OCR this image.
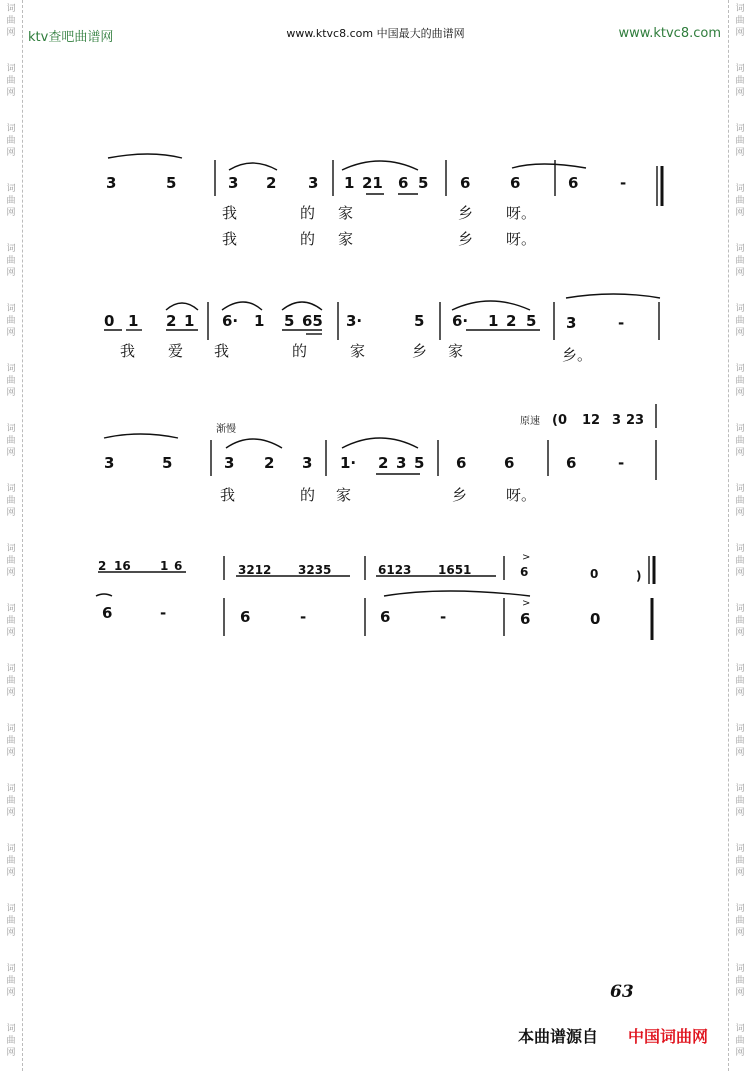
词
曲
网
词
曲
网
词
曲
网
词
曲
网
词
曲
网
词
曲
网
词
曲
网
词
曲
网
词
曲
网
词
曲
网
词
曲
网
词
曲
网
词
曲
网
词
曲
网
词
曲
网
词
曲
网
词
曲
网
词
曲
网
词
曲
网
词
曲
网
词
曲
网
词
曲
网
词
曲
网
词
曲
网
词
曲
网
词
曲
网
词
曲
网
词
曲
网
词
曲
网
词
曲
网
词
曲
网
词
曲
网
词
曲
网
词
曲
网
词
曲
网
词
曲
网
ktv查吧曲谱网	www.ktvc8.com 中国最大的曲谱网	www.ktvc8.com
3	5	3 2 3 1 21 6 5 6	6	6	-
我	的 家	乡 呀。
我	的 家	乡 呀。
0 1 2 1 6· 1 5 65 3·	5 6· 1 2 5 3	-
我 爱 我	的	家	乡 家	乡。
渐慢
原速 (0 12 3 23
3	5	3 2 3 1· 2 3 5 6	6	6	-
我	的 家	乡	呀。
2 16 1 6	3212 3235	6123 1651	6	0	)
>
>
6	-	6	-	6	-	6	0
63
本曲谱源自 中国词曲网
